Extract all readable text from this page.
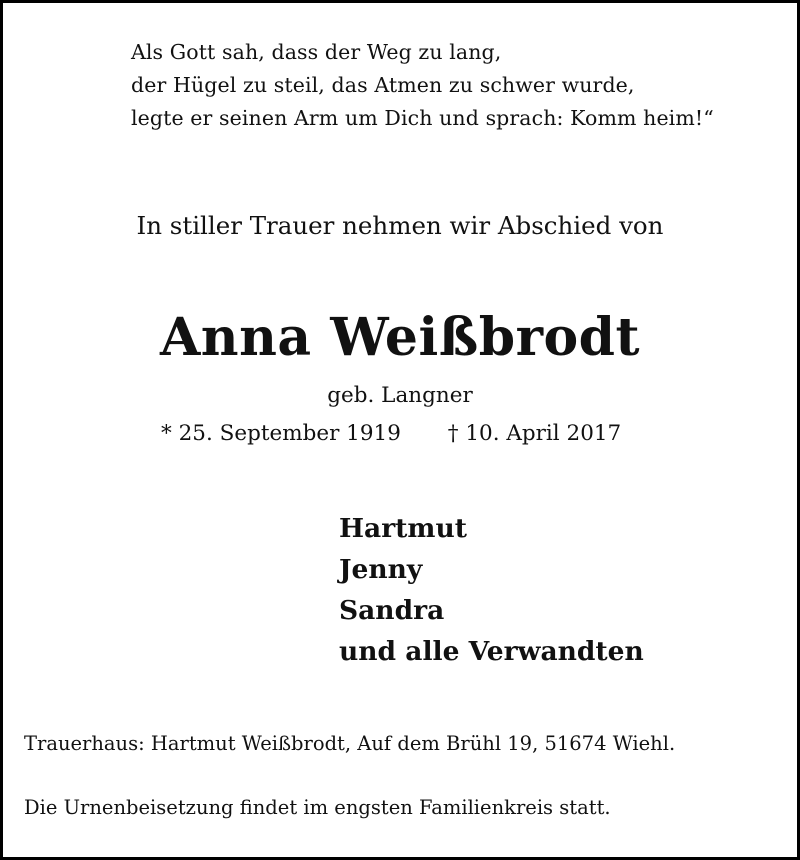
Als Gott sah, dass der Weg zu lang,
der Hügel zu steil, das Atmen zu schwer wurde,
legte er seinen Arm um Dich und sprach: Komm heim!“
In stiller Trauer nehmen wir Abschied von
Anna Weißbrodt
geb. Langner
* 25. September 1919 † 10. April 2017
Hartmut
Jenny
Sandra
und alle Verwandten
Trauerhaus: Hartmut Weißbrodt, Auf dem Brühl 19, 51674 Wiehl.
Die Urnenbeisetzung findet im engsten Familienkreis statt.
